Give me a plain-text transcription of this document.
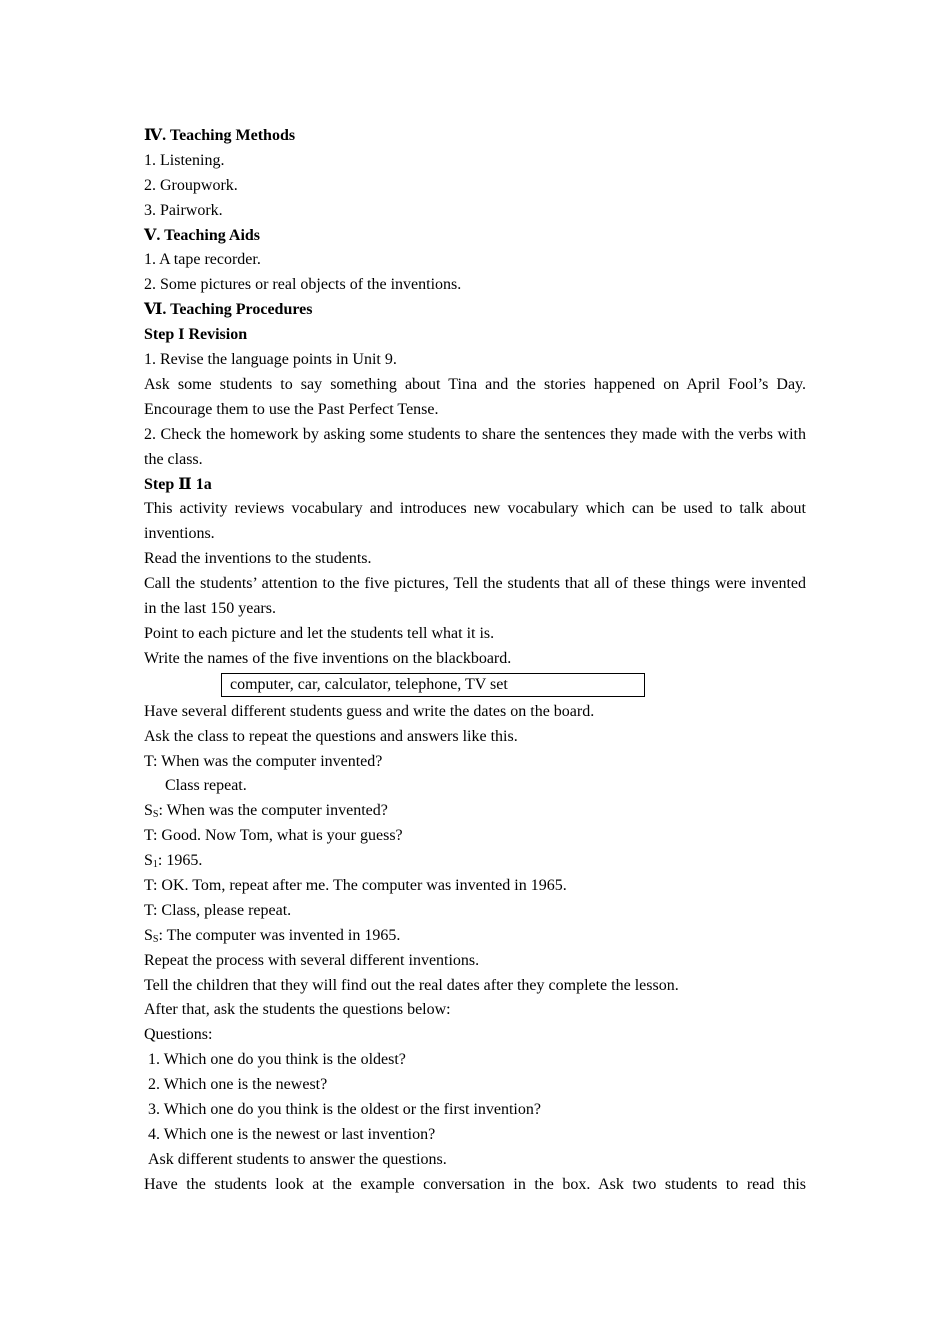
Ⅳ. Teaching Methods
1. Listening.
2. Groupwork.
3. Pairwork.
Ⅴ. Teaching Aids
1. A tape recorder.
2. Some pictures or real objects of the inventions.
Ⅵ. Teaching Procedures
Step I Revision
1. Revise the language points in Unit 9.
Ask some students to say something about Tina and the stories happened on April Fool’s Day. Encourage them to use the Past Perfect Tense.
2. Check the homework by asking some students to share the sentences they made with the verbs with the class.
Step Ⅱ 1a
This activity reviews vocabulary and introduces new vocabulary which can be used to talk about inventions.
Read the inventions to the students.
Call the students’ attention to the five pictures, Tell the students that all of these things were invented in the last 150 years.
Point to each picture and let the students tell what it is.
Write the names of the five inventions on the blackboard.
computer, car, calculator, telephone, TV set
Have several different students guess and write the dates on the board.
Ask the class to repeat the questions and answers like this.
T: When was the computer invented?
Class repeat.
$S_S$: When was the computer invented?
T: Good. Now Tom, what is your guess?
$S_1$: 1965.
T: OK. Tom, repeat after me. The computer was invented in 1965.
T: Class, please repeat.
$S_S$: The computer was invented in 1965.
Repeat the process with several different inventions.
Tell the children that they will find out the real dates after they complete the lesson.
After that, ask the students the questions below:
Questions:
1. Which one do you think is the oldest?
2. Which one is the newest?
3. Which one do you think is the oldest or the first invention?
4. Which one is the newest or last invention?
Ask different students to answer the questions.
Have the students look at the example conversation in the box. Ask two students to read this
